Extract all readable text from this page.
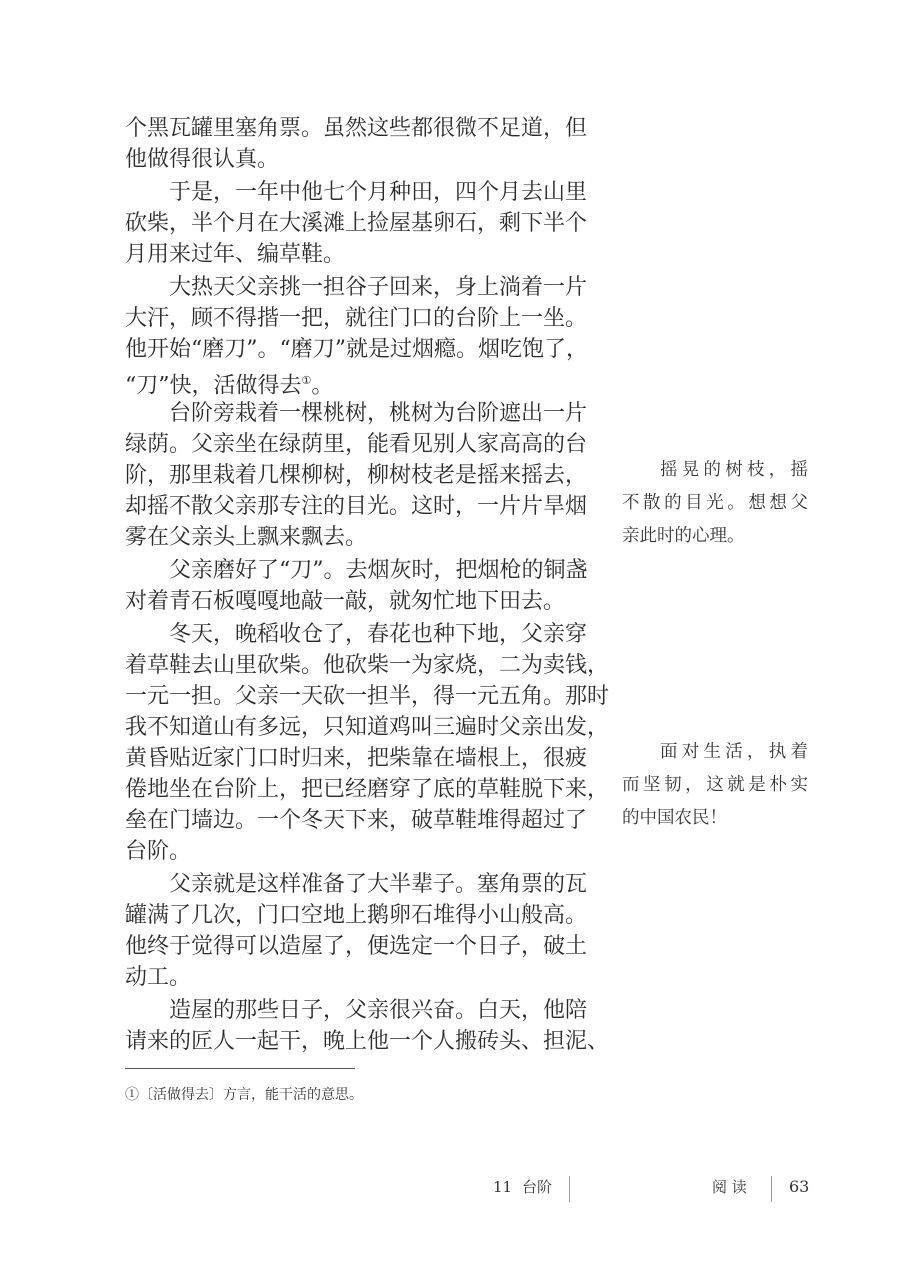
个黑瓦罐里塞角票。虽然这些都很微不足道，但
他做得很认真。
于是，一年中他七个月种田，四个月去山里
砍柴，半个月在大溪滩上捡屋基卵石，剩下半个
月用来过年、编草鞋。
大热天父亲挑一担谷子回来，身上淌着一片
大汗，顾不得揩一把，就往门口的台阶上一坐。
他开始“磨刀”。“磨刀”就是过烟瘾。烟吃饱了，
“刀”快，活做得去①。
台阶旁栽着一棵桃树，桃树为台阶遮出一片
绿荫。父亲坐在绿荫里，能看见别人家高高的台
阶，那里栽着几棵柳树，柳树枝老是摇来摇去，
却摇不散父亲那专注的目光。这时，一片片旱烟
雾在父亲头上飘来飘去。
父亲磨好了“刀”。去烟灰时，把烟枪的铜盏
对着青石板嘎嘎地敲一敲，就匆忙地下田去。
冬天，晚稻收仓了，春花也种下地，父亲穿
着草鞋去山里砍柴。他砍柴一为家烧，二为卖钱，
一元一担。父亲一天砍一担半，得一元五角。那时
我不知道山有多远，只知道鸡叫三遍时父亲出发，
黄昏贴近家门口时归来，把柴靠在墙根上，很疲
倦地坐在台阶上，把已经磨穿了底的草鞋脱下来，
垒在门墙边。一个冬天下来，破草鞋堆得超过了
台阶。
父亲就是这样准备了大半辈子。塞角票的瓦
罐满了几次，门口空地上鹅卵石堆得小山般高。
他终于觉得可以造屋了，便选定一个日子，破土
动工。
造屋的那些日子，父亲很兴奋。白天，他陪
请来的匠人一起干，晚上他一个人搬砖头、担泥、
摇晃的树枝，摇
不散的目光。想想父
亲此时的心理。
面对生活，执着
而坚韧，这就是朴实
的中国农民！
①〔活做得去〕方言，能干活的意思。
11 台阶	阅 读	63
